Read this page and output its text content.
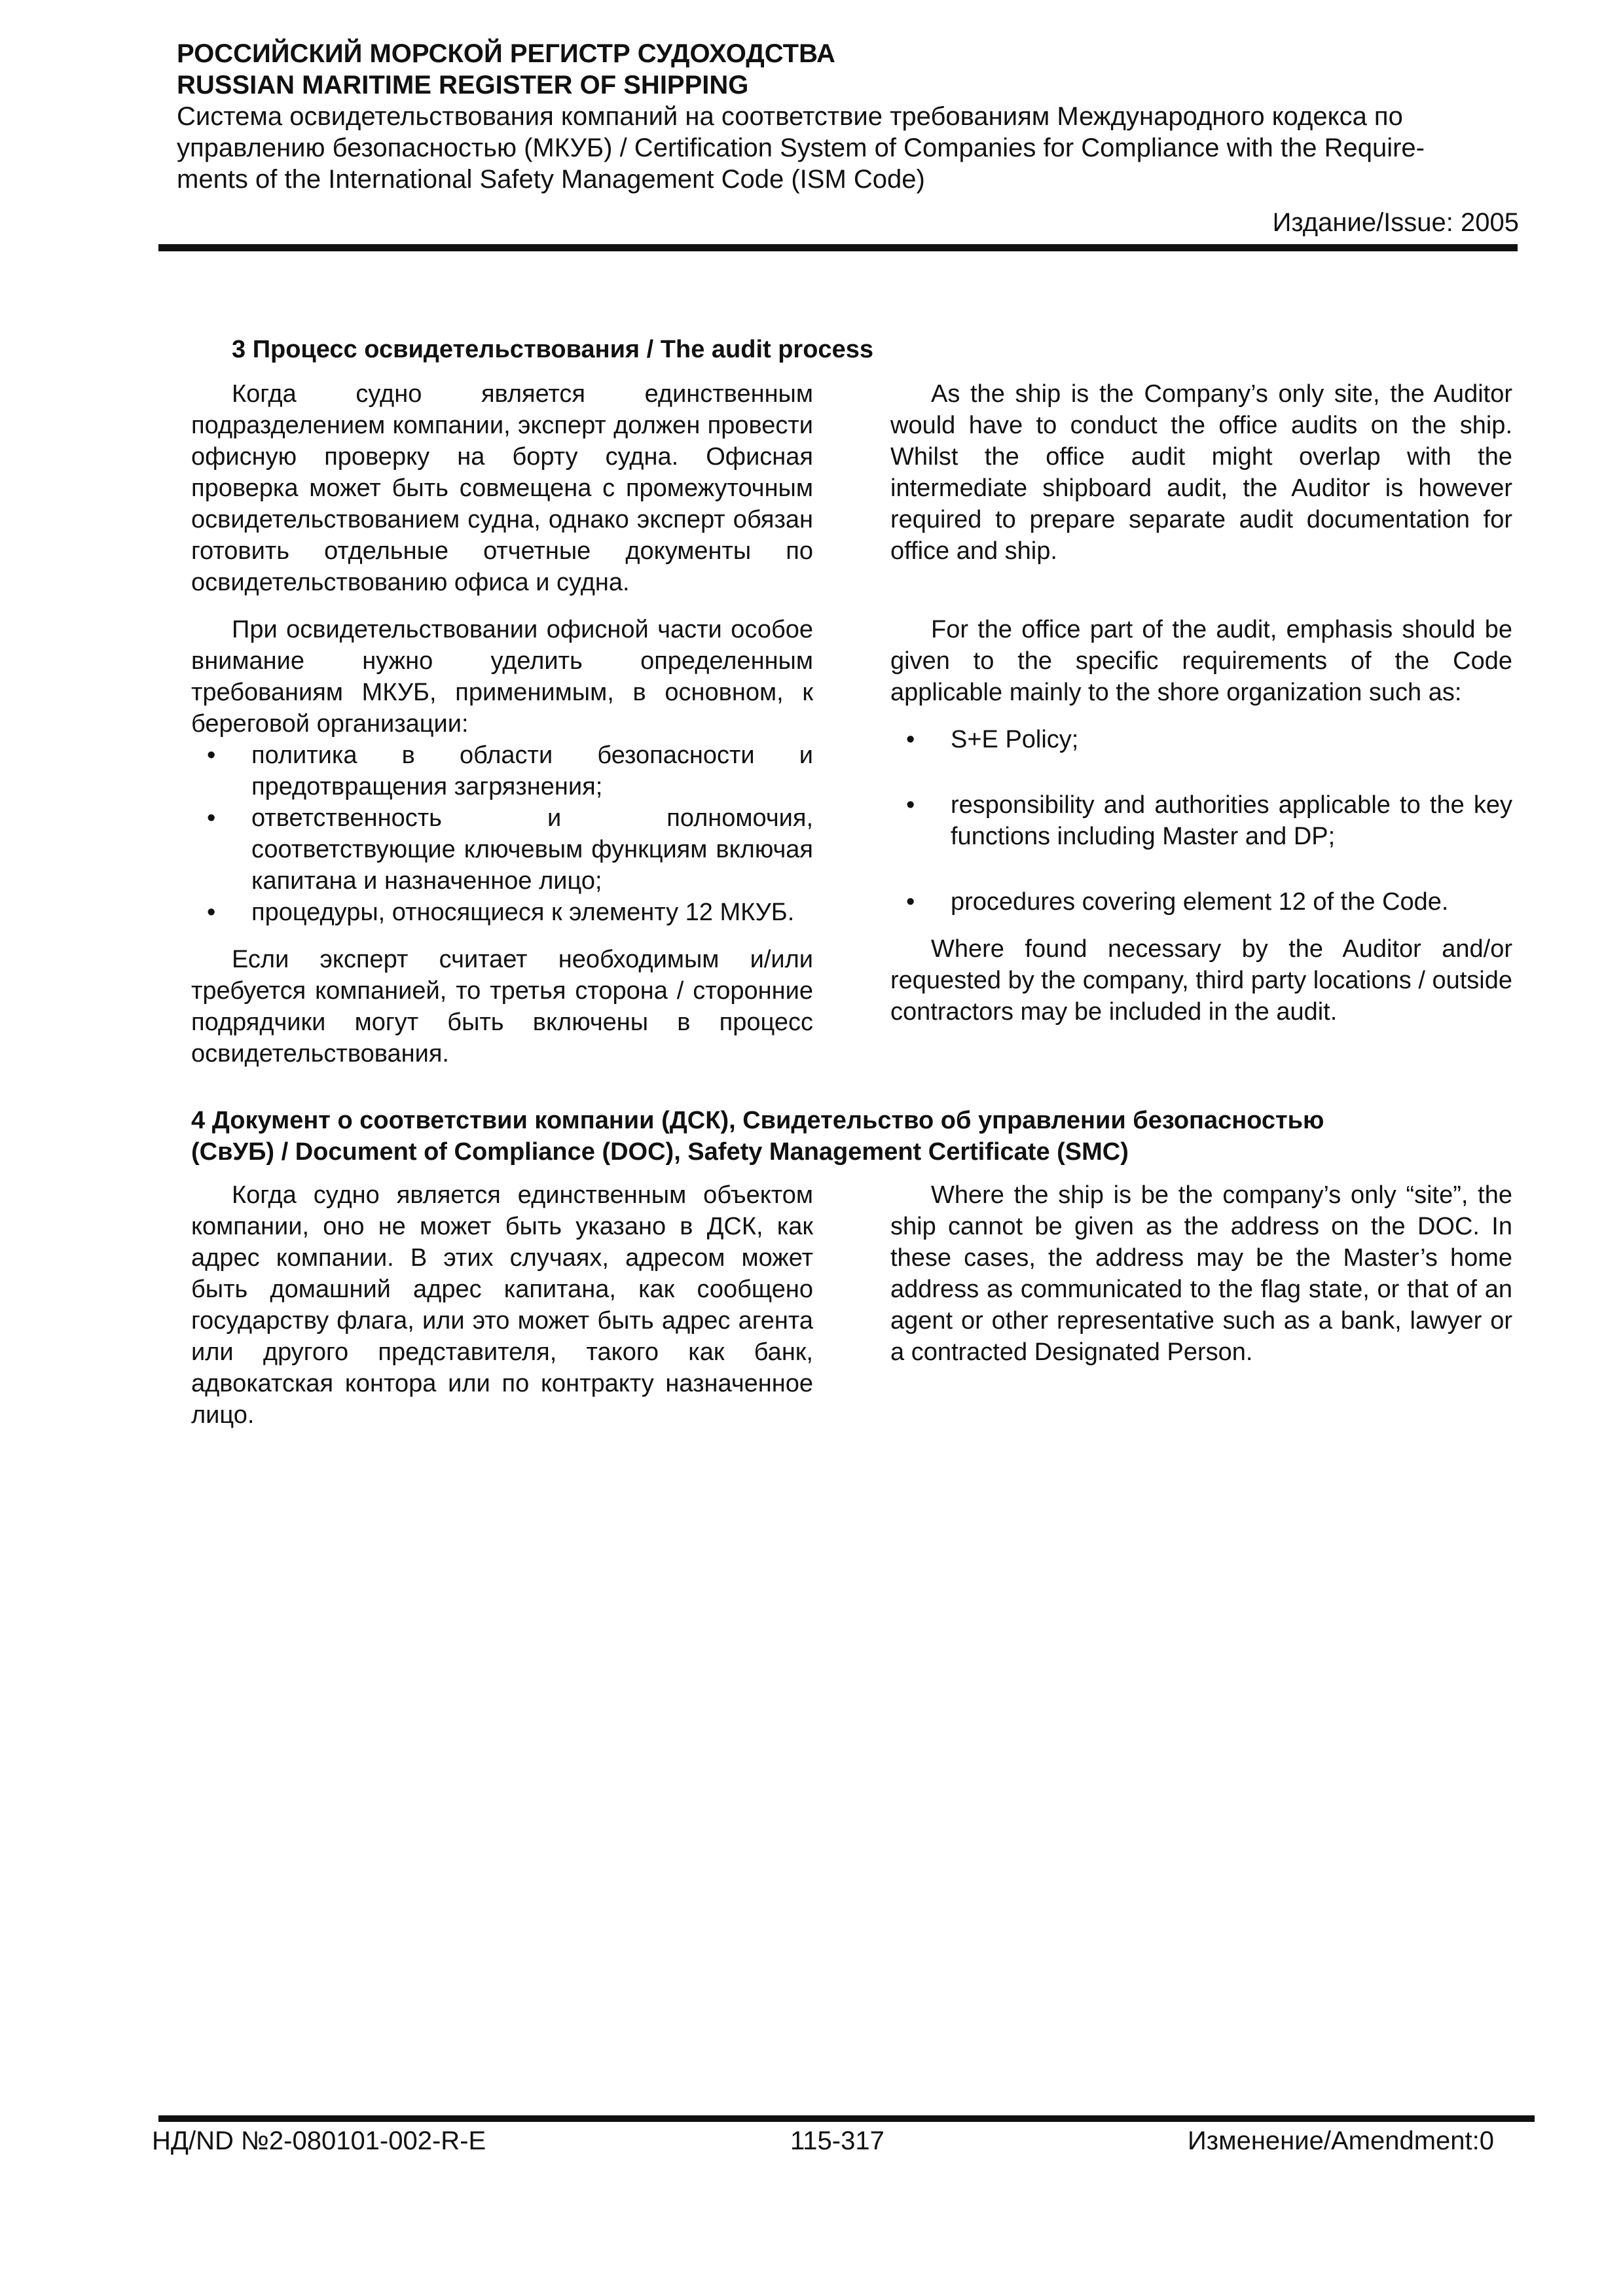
РОССИЙСКИЙ МОРСКОЙ РЕГИСТР СУДОХОДСТВА

RUSSIAN MARITIME REGISTER OF SHIPPING

Система освидетельствования компаний на соответствие требованиям Международного кодекса по

управлению безопасностью (МКУБ) / Certification System of Companies for Compliance with the Require-

ments of the International Safety Management Code (ISM Code)

Издание/Issue: 2005

3 Процесс освидетельствования / The audit process

Когда судно является единственным подразделением компании, эксперт должен провести офисную проверку на борту судна. Офисная проверка может быть совмещена с промежуточным освидетельствованием судна, однако эксперт обязан готовить отдельные отчетные документы по освидетельствованию офиса и судна.

При освидетельствовании офисной части особое внимание нужно уделить определенным требованиям МКУБ, применимым, в основном, к береговой организации:

• политика в области безопасности и предотвращения загрязнения;
• ответственность и полномочия, соответствующие ключевым функциям включая капитана и назначенное лицо;
• процедуры, относящиеся к элементу 12 МКУБ.

Если эксперт считает необходимым и/или требуется компанией, то третья сторона / сторонние подрядчики могут быть включены в процесс освидетельствования.

As the ship is the Company’s only site, the Auditor would have to conduct the office audits on the ship. Whilst the office audit might overlap with the intermediate shipboard audit, the Auditor is however required to prepare separate audit documentation for office and ship.

For the office part of the audit, emphasis should be given to the specific requirements of the Code applicable mainly to the shore organization such as:

• S+E Policy;
• responsibility and authorities applicable to the key functions including Master and DP;
• procedures covering element 12 of the Code.

Where found necessary by the Auditor and/or requested by the company, third party locations / outside contractors may be included in the audit.

4 Документ о соответствии компании (ДСК), Свидетельство об управлении безопасностью
(СвУБ) / Document of Compliance (DOC), Safety Management Certificate (SMC)

Когда судно является единственным объектом компании, оно не может быть указано в ДСК, как адрес компании. В этих случаях, адресом может быть домашний адрес капитана, как сообщено государству флага, или это может быть адрес агента или другого представителя, такого как банк, адвокатская контора или по контракту назначенное лицо.

Where the ship is be the company’s only “site”, the ship cannot be given as the address on the DOC. In these cases, the address may be the Master’s home address as communicated to the flag state, or that of an agent or other representative such as a bank, lawyer or a contracted Designated Person.

НД/ND №2-080101-002-R-E	115-317	Изменение/Amendment:0
